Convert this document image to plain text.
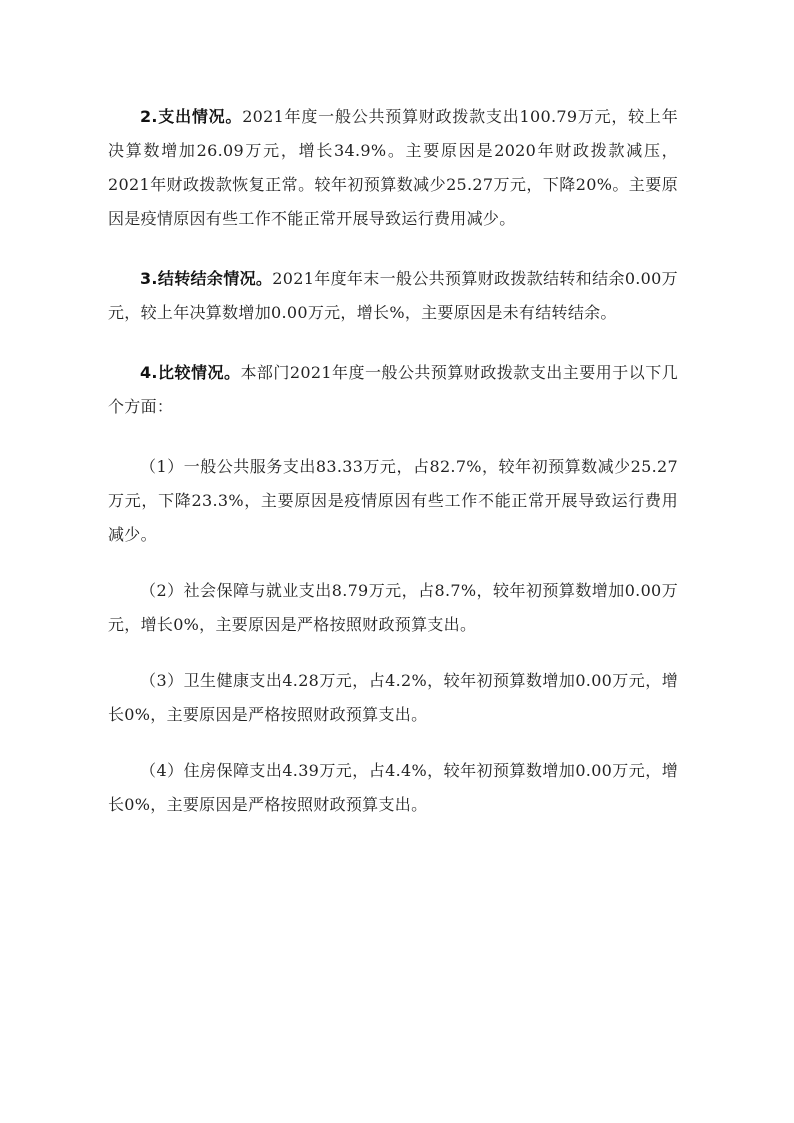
2.支出情况。2021年度一般公共预算财政拨款支出100.79万元，较上年决算数增加26.09万元，增长34.9%。主要原因是2020年财政拨款减压，2021年财政拨款恢复正常。较年初预算数减少25.27万元，下降20%。主要原因是疫情原因有些工作不能正常开展导致运行费用减少。

3.结转结余情况。2021年度年末一般公共预算财政拨款结转和结余0.00万元，较上年决算数增加0.00万元，增长%，主要原因是未有结转结余。

4.比较情况。本部门2021年度一般公共预算财政拨款支出主要用于以下几个方面：

（1）一般公共服务支出83.33万元，占82.7%，较年初预算数减少25.27万元，下降23.3%，主要原因是疫情原因有些工作不能正常开展导致运行费用减少。

（2）社会保障与就业支出8.79万元，占8.7%，较年初预算数增加0.00万元，增长0%，主要原因是严格按照财政预算支出。

（3）卫生健康支出4.28万元，占4.2%，较年初预算数增加0.00万元，增长0%，主要原因是严格按照财政预算支出。

（4）住房保障支出4.39万元，占4.4%，较年初预算数增加0.00万元，增长0%，主要原因是严格按照财政预算支出。
